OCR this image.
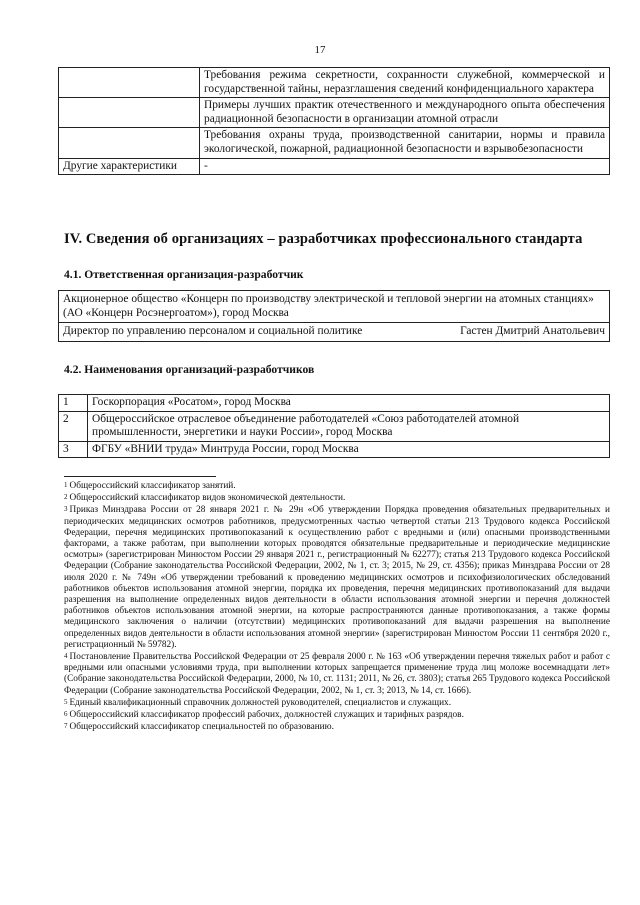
17
	Требования режима секретности, сохранности служебной, коммерческой и государственной тайны, неразглашения сведений конфиденциального характера
	Примеры лучших практик отечественного и международного опыта обеспечения радиационной безопасности в организации атомной отрасли
	Требования охраны труда, производственной санитарии, нормы и правила экологической, пожарной, радиационной безопасности и взрывобезопасности
Другие характеристики	-
IV. Сведения об организациях – разработчиках профессионального стандарта
4.1. Ответственная организация-разработчик
Акционерное общество «Концерн по производству электрической и тепловой энергии на атомных станциях» (АО «Концерн Росэнергоатом»), город Москва

Директор по управлению персоналом и социальной политике	Гастен Дмитрий Анатольевич
4.2. Наименования организаций-разработчиков
1	Госкорпорация «Росатом», город Москва
2	Общероссийское отраслевое объединение работодателей «Союз работодателей атомной промышленности, энергетики и науки России», город Москва
3	ФГБУ «ВНИИ труда» Минтруда России, город Москва

$^1$ Общероссийский классификатор занятий.

$^2$ Общероссийский классификатор видов экономической деятельности.

$^3$ Приказ Минздрава России от 28 января 2021 г. № 29н «Об утверждении Порядка проведения обязательных предварительных и периодических медицинских осмотров работников, предусмотренных частью четвертой статьи 213 Трудового кодекса Российской Федерации, перечня медицинских противопоказаний к осуществлению работ с вредными и (или) опасными производственными факторами, а также работам, при выполнении которых проводятся обязательные предварительные и периодические медицинские осмотры» (зарегистрирован Минюстом России 29 января 2021 г., регистрационный № 62277); статья 213 Трудового кодекса Российской Федерации (Собрание законодательства Российской Федерации, 2002, № 1, ст. 3; 2015, № 29, ст. 4356); приказ Минздрава России от 28 июля 2020 г. № 749н «Об утверждении требований к проведению медицинских осмотров и психофизиологических обследований работников объектов использования атомной энергии, порядка их проведения, перечня медицинских противопоказаний для выдачи разрешения на выполнение определенных видов деятельности в области использования атомной энергии и перечня должностей работников объектов использования атомной энергии, на которые распространяются данные противопоказания, а также формы медицинского заключения о наличии (отсутствии) медицинских противопоказаний для выдачи разрешения на выполнение определенных видов деятельности в области использования атомной энергии» (зарегистрирован Минюстом России 11 сентября 2020 г., регистрационный № 59782).

$^4$ Постановление Правительства Российской Федерации от 25 февраля 2000 г. № 163 «Об утверждении перечня тяжелых работ и работ с вредными или опасными условиями труда, при выполнении которых запрещается применение труда лиц моложе восемнадцати лет» (Собрание законодательства Российской Федерации, 2000, № 10, ст. 1131; 2011, № 26, ст. 3803); статья 265 Трудового кодекса Российской Федерации (Собрание законодательства Российской Федерации, 2002, № 1, ст. 3; 2013, № 14, ст. 1666).

$^5$ Единый квалификационный справочник должностей руководителей, специалистов и служащих.

$^6$ Общероссийский классификатор профессий рабочих, должностей служащих и тарифных разрядов.

$^7$ Общероссийский классификатор специальностей по образованию.
